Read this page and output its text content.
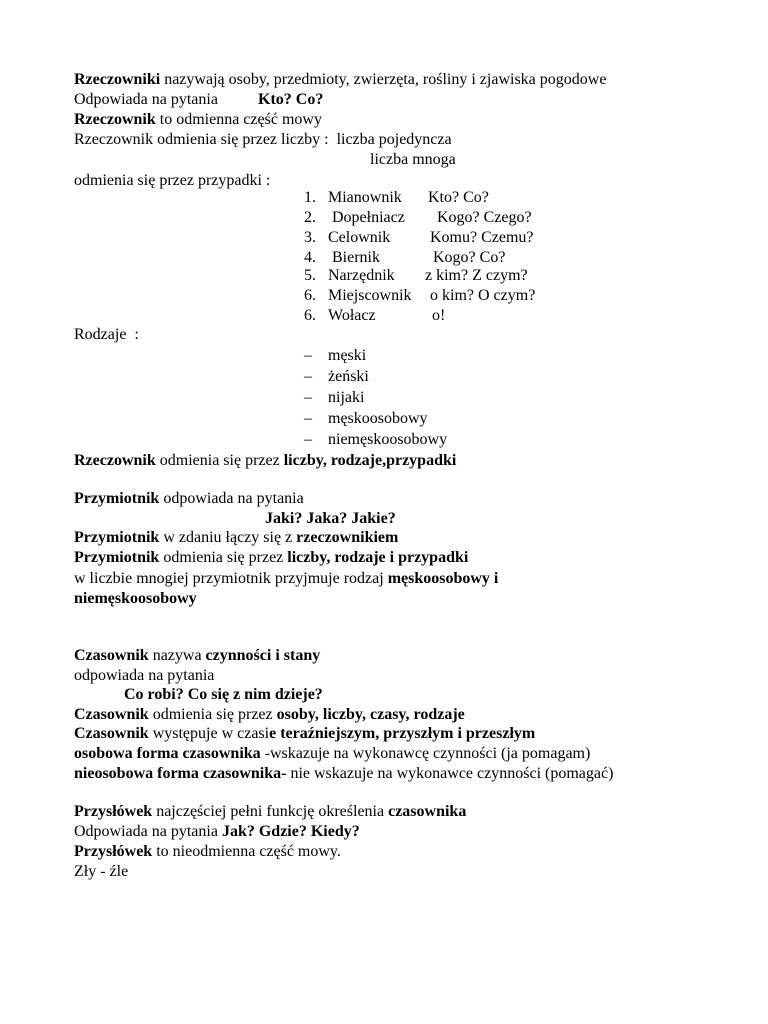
Rzeczowniki nazywają osoby, przedmioty, zwierzęta, rośliny i zjawiska pogodowe
Odpowiada na pytania	Kto? Co?
Rzeczownik to odmienna część mowy
Rzeczownik odmienia się przez liczby :  liczba pojedyncza
liczba mnoga
odmienia się przez przypadki :
1. Mianownik Kto? Co?
2. Dopełniacz Kogo? Czego?
3. Celownik Komu? Czemu?
4. Biernik	Kogo? Co?
5. Narzędnik z kim? Z czym?
6. Miejscownik o kim? O czym?
6. Wołacz	o!
Rodzaje  :
– męski
– żeński
– nijaki
– męskoosobowy
– niemęskoosobowy
Rzeczownik odmienia się przez liczby, rodzaje,przypadki
Przymiotnik odpowiada na pytania
Jaki? Jaka? Jakie?
Przymiotnik w zdaniu łączy się z rzeczownikiem
Przymiotnik odmienia się przez liczby, rodzaje i przypadki
w liczbie mnogiej przymiotnik przyjmuje rodzaj męskoosobowy i
niemęskoosobowy
Czasownik nazywa czynności i stany
odpowiada na pytania
Co robi? Co się z nim dzieje?
Czasownik odmienia się przez osoby, liczby, czasy, rodzaje
Czasownik występuje w czasie teraźniejszym, przyszłym i przeszłym
osobowa forma czasownika -wskazuje na wykonawcę czynności (ja pomagam)
nieosobowa forma czasownika- nie wskazuje na wykonawce czynności (pomagać)
Przysłówek najczęściej pełni funkcję określenia czasownika
Odpowiada na pytania Jak? Gdzie? Kiedy?
Przysłówek to nieodmienna część mowy.
Zły - źle
